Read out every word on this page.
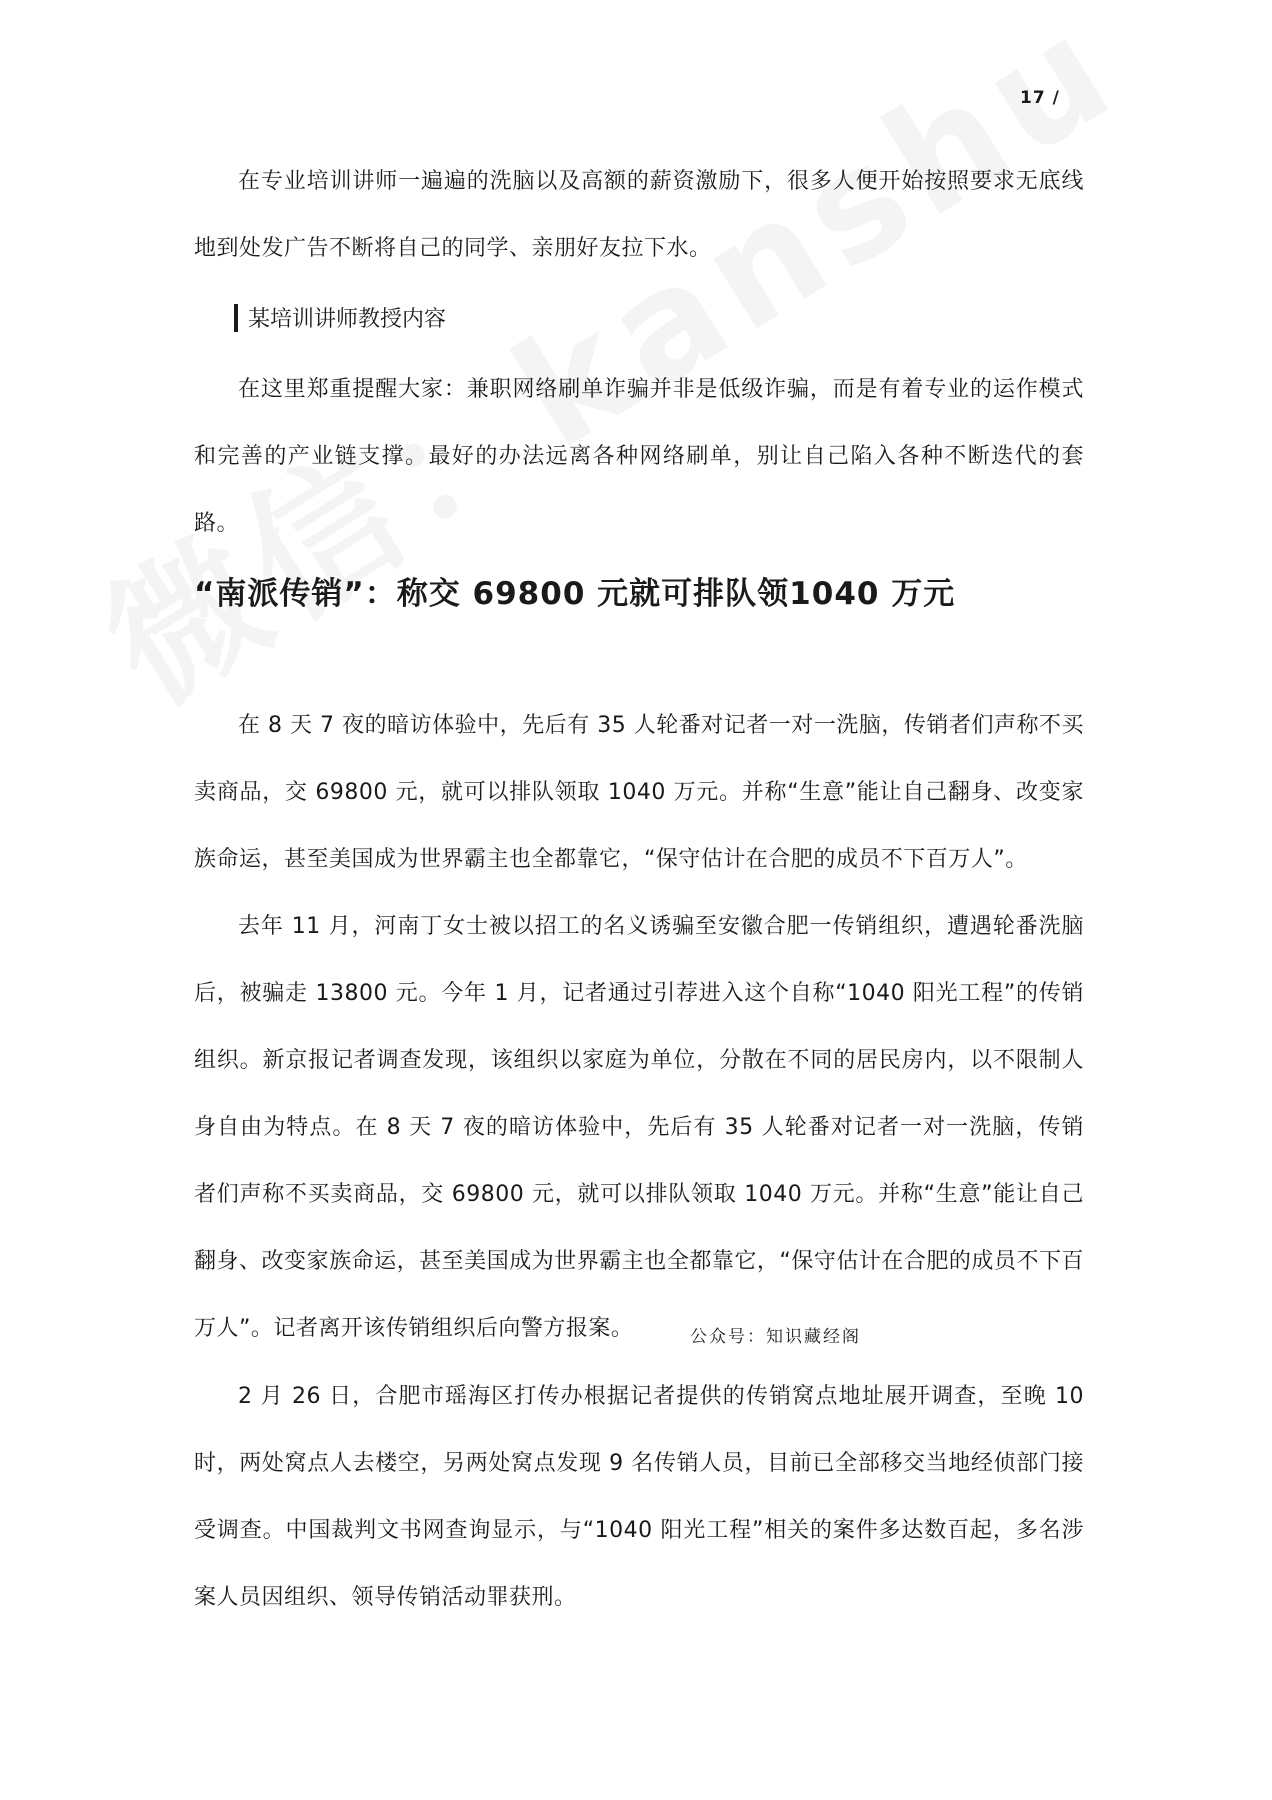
17 /

在专业培训讲师一遍遍的洗脑以及高额的薪资激励下，很多人便开始按照要求无底线地到处发广告不断将自己的同学、亲朋好友拉下水。

某培训讲师教授内容

在这里郑重提醒大家：兼职网络刷单诈骗并非是低级诈骗，而是有着专业的运作模式和完善的产业链支撑。最好的办法远离各种网络刷单，别让自己陷入各种不断迭代的套路。

“南派传销”：称交 69800 元就可排队领1040 万元

在 8 天 7 夜的暗访体验中，先后有 35 人轮番对记者一对一洗脑，传销者们声称不买卖商品，交 69800 元，就可以排队领取 1040 万元。并称“生意”能让自己翻身、改变家族命运，甚至美国成为世界霸主也全都靠它，“保守估计在合肥的成员不下百万人”。

去年 11 月，河南丁女士被以招工的名义诱骗至安徽合肥一传销组织，遭遇轮番洗脑后，被骗走 13800 元。今年 1 月，记者通过引荐进入这个自称“1040 阳光工程”的传销组织。新京报记者调查发现，该组织以家庭为单位，分散在不同的居民房内，以不限制人身自由为特点。在 8 天 7 夜的暗访体验中，先后有 35 人轮番对记者一对一洗脑，传销者们声称不买卖商品，交 69800 元，就可以排队领取 1040 万元。并称“生意”能让自己翻身、改变家族命运，甚至美国成为世界霸主也全都靠它，“保守估计在合肥的成员不下百万人”。记者离开该传销组织后向警方报案。	公众号：知识藏经阁

2 月 26 日，合肥市瑶海区打传办根据记者提供的传销窝点地址展开调查，至晚 10 时，两处窝点人去楼空，另两处窝点发现 9 名传销人员，目前已全部移交当地经侦部门接受调查。中国裁判文书网查询显示，与“1040 阳光工程”相关的案件多达数百起，多名涉案人员因组织、领导传销活动罪获刑。
